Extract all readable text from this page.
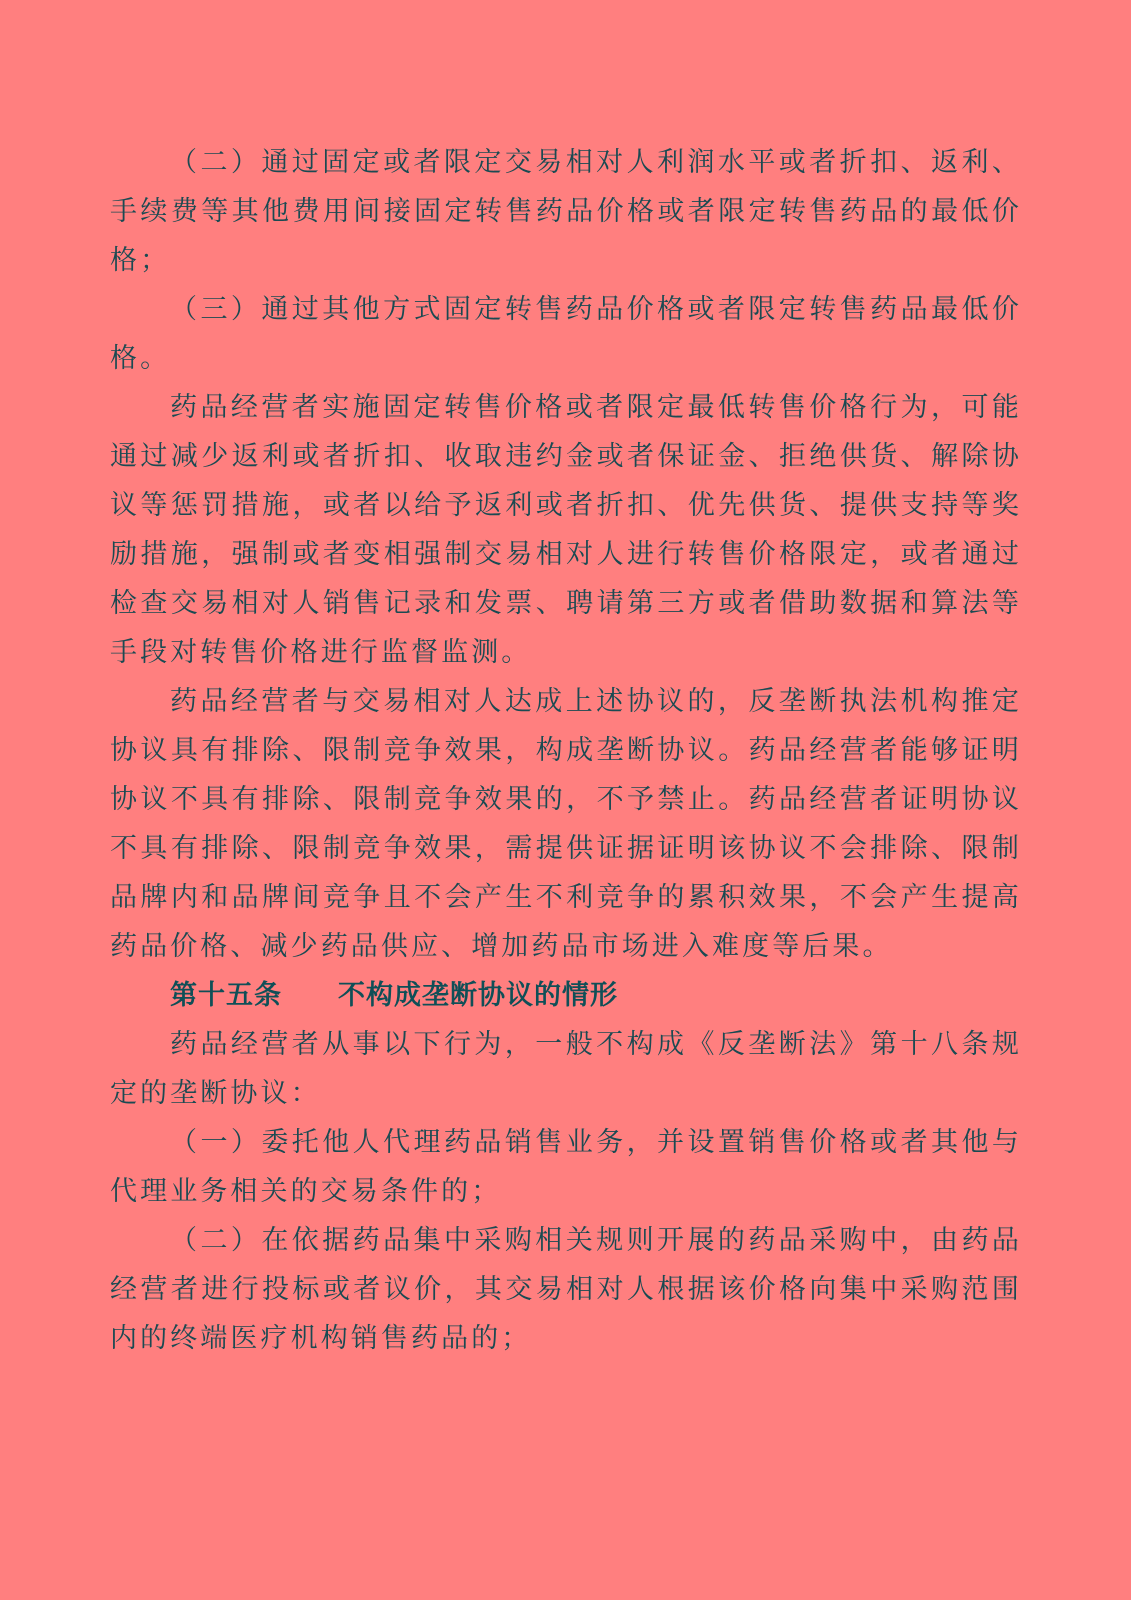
（二）通过固定或者限定交易相对人利润水平或者折扣、返利、手续费等其他费用间接固定转售药品价格或者限定转售药品的最低价格；

（三）通过其他方式固定转售药品价格或者限定转售药品最低价格。

药品经营者实施固定转售价格或者限定最低转售价格行为，可能通过减少返利或者折扣、收取违约金或者保证金、拒绝供货、解除协议等惩罚措施，或者以给予返利或者折扣、优先供货、提供支持等奖励措施，强制或者变相强制交易相对人进行转售价格限定，或者通过检查交易相对人销售记录和发票、聘请第三方或者借助数据和算法等手段对转售价格进行监督监测。

药品经营者与交易相对人达成上述协议的，反垄断执法机构推定协议具有排除、限制竞争效果，构成垄断协议。药品经营者能够证明协议不具有排除、限制竞争效果的，不予禁止。药品经营者证明协议不具有排除、限制竞争效果，需提供证据证明该协议不会排除、限制品牌内和品牌间竞争且不会产生不利竞争的累积效果，不会产生提高药品价格、减少药品供应、增加药品市场进入难度等后果。

第十五条　　不构成垄断协议的情形

药品经营者从事以下行为，一般不构成《反垄断法》第十八条规定的垄断协议：

（一）委托他人代理药品销售业务，并设置销售价格或者其他与代理业务相关的交易条件的；

（二）在依据药品集中采购相关规则开展的药品采购中，由药品经营者进行投标或者议价，其交易相对人根据该价格向集中采购范围内的终端医疗机构销售药品的；
